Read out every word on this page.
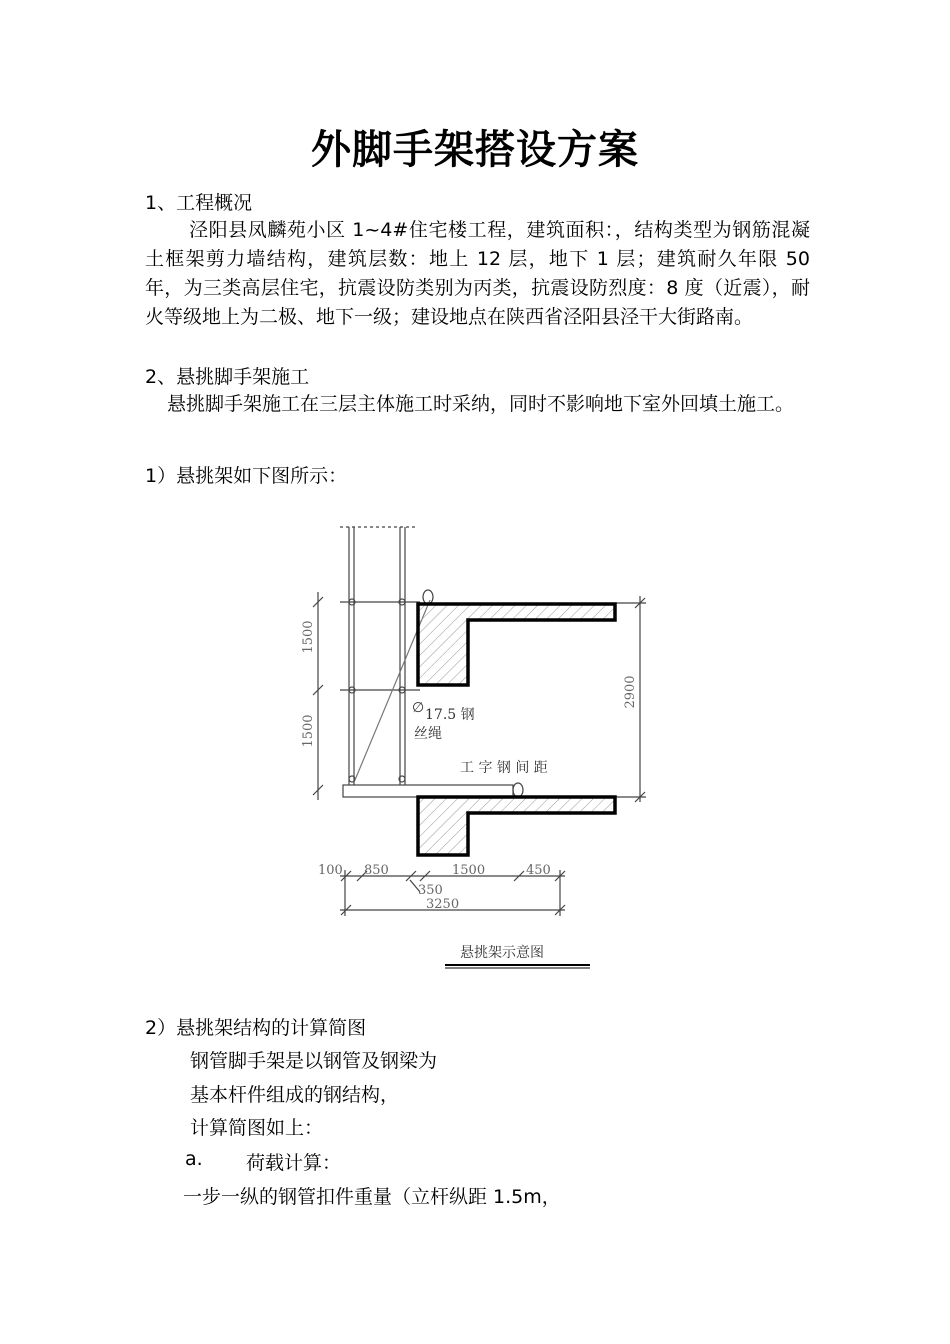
外脚手架搭设方案
1、工程概况
泾阳县凤麟苑小区 1~4#住宅楼工程，建筑面积：，结构类型为钢筋混凝土框架剪力墙结构，建筑层数：地上 12 层，地下 1 层；建筑耐久年限 50 年，为三类高层住宅，抗震设防类别为丙类，抗震设防烈度：8 度（近震），耐火等级地上为二极、地下一级；建设地点在陕西省泾阳县泾干大街路南。
2、悬挑脚手架施工
悬挑脚手架施工在三层主体施工时采纳，同时不影响地下室外回填土施工。
1）悬挑架如下图所示：
1500
1500
2900
100 850
350
1500	450
3250
∅ 17.5 钢
丝绳
工 字 钢 间 距
悬挑架示意图
2）悬挑架结构的计算简图
钢管脚手架是以钢管及钢梁为
基本杆件组成的钢结构，
计算简图如上：
a. 荷载计算：
一步一纵的钢管扣件重量（立杆纵距 1.5m，
